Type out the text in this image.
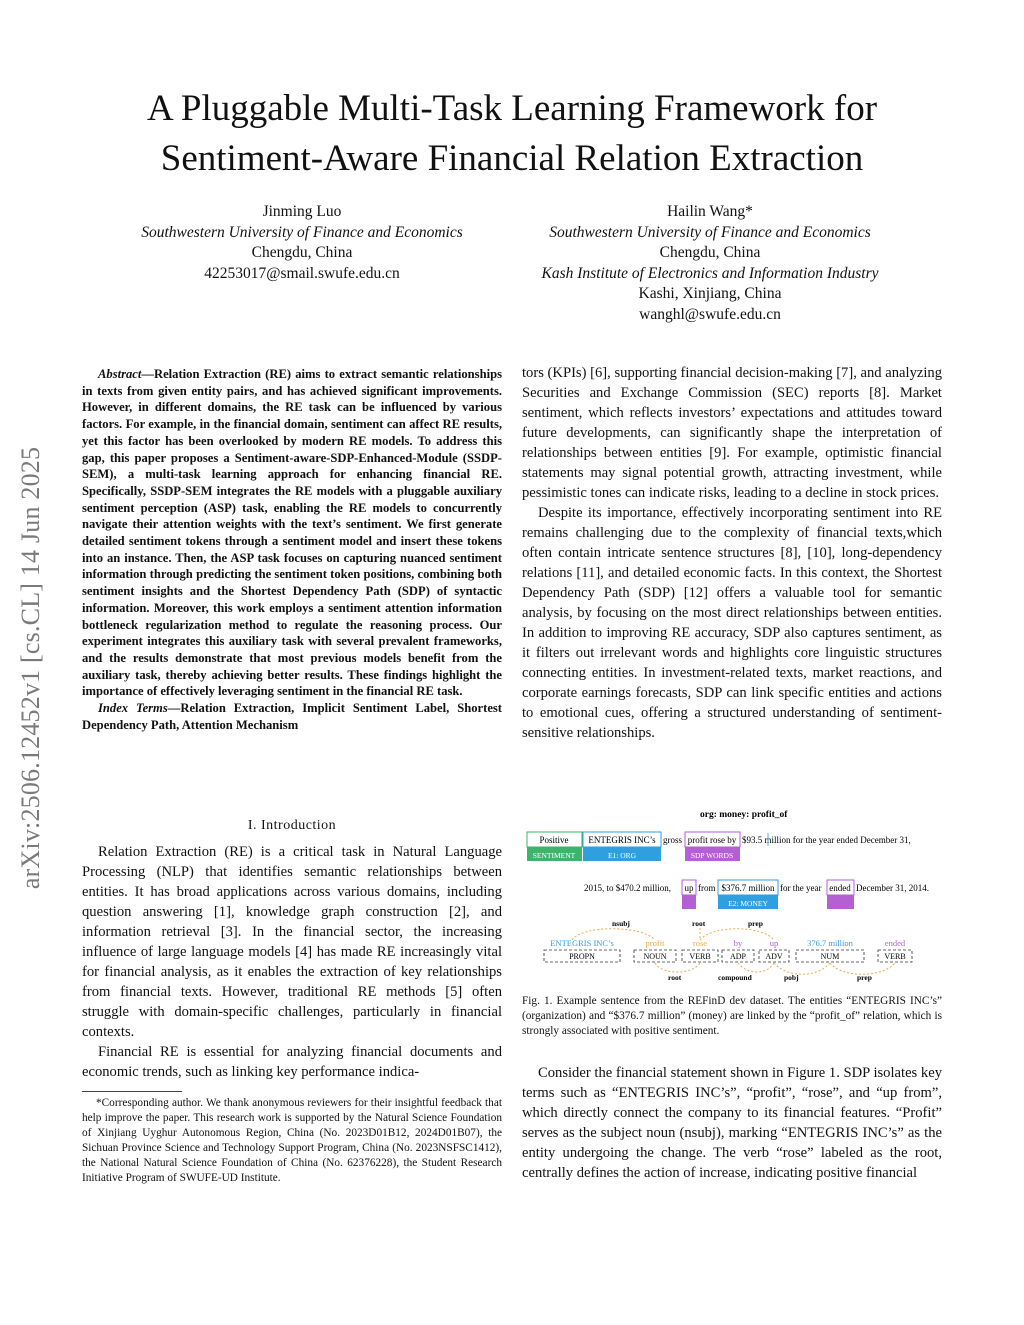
A Pluggable Multi-Task Learning Framework for
Sentiment-Aware Financial Relation Extraction
Jinming Luo
Southwestern University of Finance and Economics
Chengdu, China
42253017@smail.swufe.edu.cn
Hailin Wang*
Southwestern University of Finance and Economics
Chengdu, China
Kash Institute of Electronics and Information Industry
Kashi, Xinjiang, China
wanghl@swufe.edu.cn
arXiv:2506.12452v1 [cs.CL] 14 Jun 2025

Abstract—Relation Extraction (RE) aims to extract semantic relationships in texts from given entity pairs, and has achieved significant improvements. However, in different domains, the RE task can be influenced by various factors. For example, in the financial domain, sentiment can affect RE results, yet this factor has been overlooked by modern RE models. To address this gap, this paper proposes a Sentiment-aware-SDP-Enhanced-Module (SSDP-SEM), a multi-task learning approach for enhancing financial RE. Specifically, SSDP-SEM integrates the RE models with a pluggable auxiliary sentiment perception (ASP) task, enabling the RE models to concurrently navigate their attention weights with the text’s sentiment. We first generate detailed sentiment tokens through a sentiment model and insert these tokens into an instance. Then, the ASP task focuses on capturing nuanced sentiment information through predicting the sentiment token positions, combining both sentiment insights and the Shortest Dependency Path (SDP) of syntactic information. Moreover, this work employs a sentiment attention information bottleneck regularization method to regulate the reasoning process. Our experiment integrates this auxiliary task with several prevalent frameworks, and the results demonstrate that most previous models benefit from the auxiliary task, thereby achieving better results. These findings highlight the importance of effectively leveraging sentiment in the financial RE task.

Index Terms—Relation Extraction, Implicit Sentiment Label, Shortest Dependency Path, Attention Mechanism

I. Introduction

Relation Extraction (RE) is a critical task in Natural Language Processing (NLP) that identifies semantic relationships between entities. It has broad applications across various domains, including question answering [1], knowledge graph construction [2], and information retrieval [3]. In the financial sector, the increasing influence of large language models [4] has made RE increasingly vital for financial analysis, as it enables the extraction of key relationships from financial texts. However, traditional RE methods [5] often struggle with domain-specific challenges, particularly in financial contexts.

Financial RE is essential for analyzing financial documents and economic trends, such as linking key performance indica-

*Corresponding author. We thank anonymous reviewers for their insightful feedback that help improve the paper. This research work is supported by the Natural Science Foundation of Xinjiang Uyghur Autonomous Region, China (No. 2023D01B12, 2024D01B07), the Sichuan Province Science and Technology Support Program, China (No. 2023NSFSC1412), the National Natural Science Foundation of China (No. 62376228), the Student Research Initiative Program of SWUFE-UD Institute.

tors (KPIs) [6], supporting financial decision-making [7], and analyzing Securities and Exchange Commission (SEC) reports [8]. Market sentiment, which reflects investors’ expectations and attitudes toward future developments, can significantly shape the interpretation of relationships between entities [9]. For example, optimistic financial statements may signal potential growth, attracting investment, while pessimistic tones can indicate risks, leading to a decline in stock prices.

Despite its importance, effectively incorporating sentiment into RE remains challenging due to the complexity of financial texts,which often contain intricate sentence structures [8], [10], long-dependency relations [11], and detailed economic facts. In this context, the Shortest Dependency Path (SDP) [12] offers a valuable tool for semantic analysis, by focusing on the most direct relationships between entities. In addition to improving RE accuracy, SDP also captures sentiment, as it filters out irrelevant words and highlights core linguistic structures connecting entities. In investment-related texts, market reactions, and corporate earnings forecasts, SDP can link specific entities and actions to emotional cues, offering a structured understanding of sentiment-sensitive relationships.

org: money: profit_of
Positive
SENTIMENT
ENTEGRIS INC’s
E1: ORG
gross profit rose by
SDP WORDS
$93.5 million for the year ended December 31,
2015, to $470.2 million, up from $376.7 million
E2: MONEY
for the year ended December 31, 2014.
nsubj	root	prep
ENTEGRIS INC’s	profit	rose	by	up	376.7 million	ended
PROPN	NOUN	VERB ADP ADV	NUM	VERB
root	compound	pobj	prep
Fig. 1. Example sentence from the REFinD dev dataset. The entities “ENTEGRIS INC’s” (organization) and “$376.7 million” (money) are linked by the “profit_of” relation, which is strongly associated with positive sentiment.

Consider the financial statement shown in Figure 1. SDP isolates key terms such as “ENTEGRIS INC’s”, “profit”, “rose”, and “up from”, which directly connect the company to its financial features. “Profit” serves as the subject noun (nsubj), marking “ENTEGRIS INC’s” as the entity undergoing the change. The verb “rose” labeled as the root, centrally defines the action of increase, indicating positive financial
